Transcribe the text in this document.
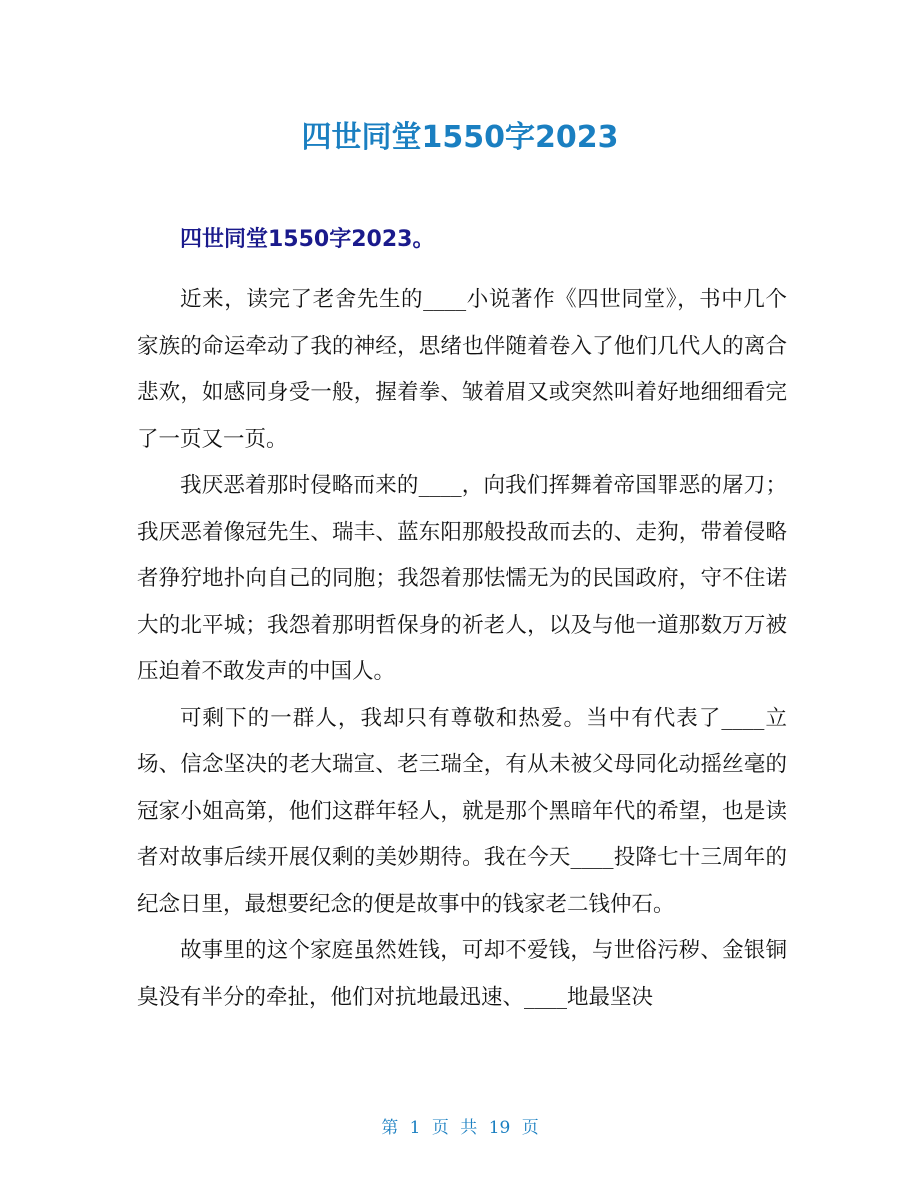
四世同堂1550字2023
四世同堂1550字2023。

近来，读完了老舍先生的____小说著作《四世同堂》，书中几个家族的命运牵动了我的神经，思绪也伴随着卷入了他们几代人的离合悲欢，如感同身受一般，握着拳、皱着眉又或突然叫着好地细细看完了一页又一页。

我厌恶着那时侵略而来的____，向我们挥舞着帝国罪恶的屠刀；我厌恶着像冠先生、瑞丰、蓝东阳那般投敌而去的、走狗，带着侵略者狰狞地扑向自己的同胞；我怨着那怯懦无为的民国政府，守不住诺大的北平城；我怨着那明哲保身的祈老人，以及与他一道那数万万被压迫着不敢发声的中国人。

可剩下的一群人，我却只有尊敬和热爱。当中有代表了____立场、信念坚决的老大瑞宣、老三瑞全，有从未被父母同化动摇丝毫的冠家小姐高第，他们这群年轻人，就是那个黑暗年代的希望，也是读者对故事后续开展仅剩的美妙期待。我在今天____投降七十三周年的纪念日里，最想要纪念的便是故事中的钱家老二钱仲石。

故事里的这个家庭虽然姓钱，可却不爱钱，与世俗污秽、金银铜臭没有半分的牵扯，他们对抗地最迅速、____地最坚决

第 1 页 共 19 页
